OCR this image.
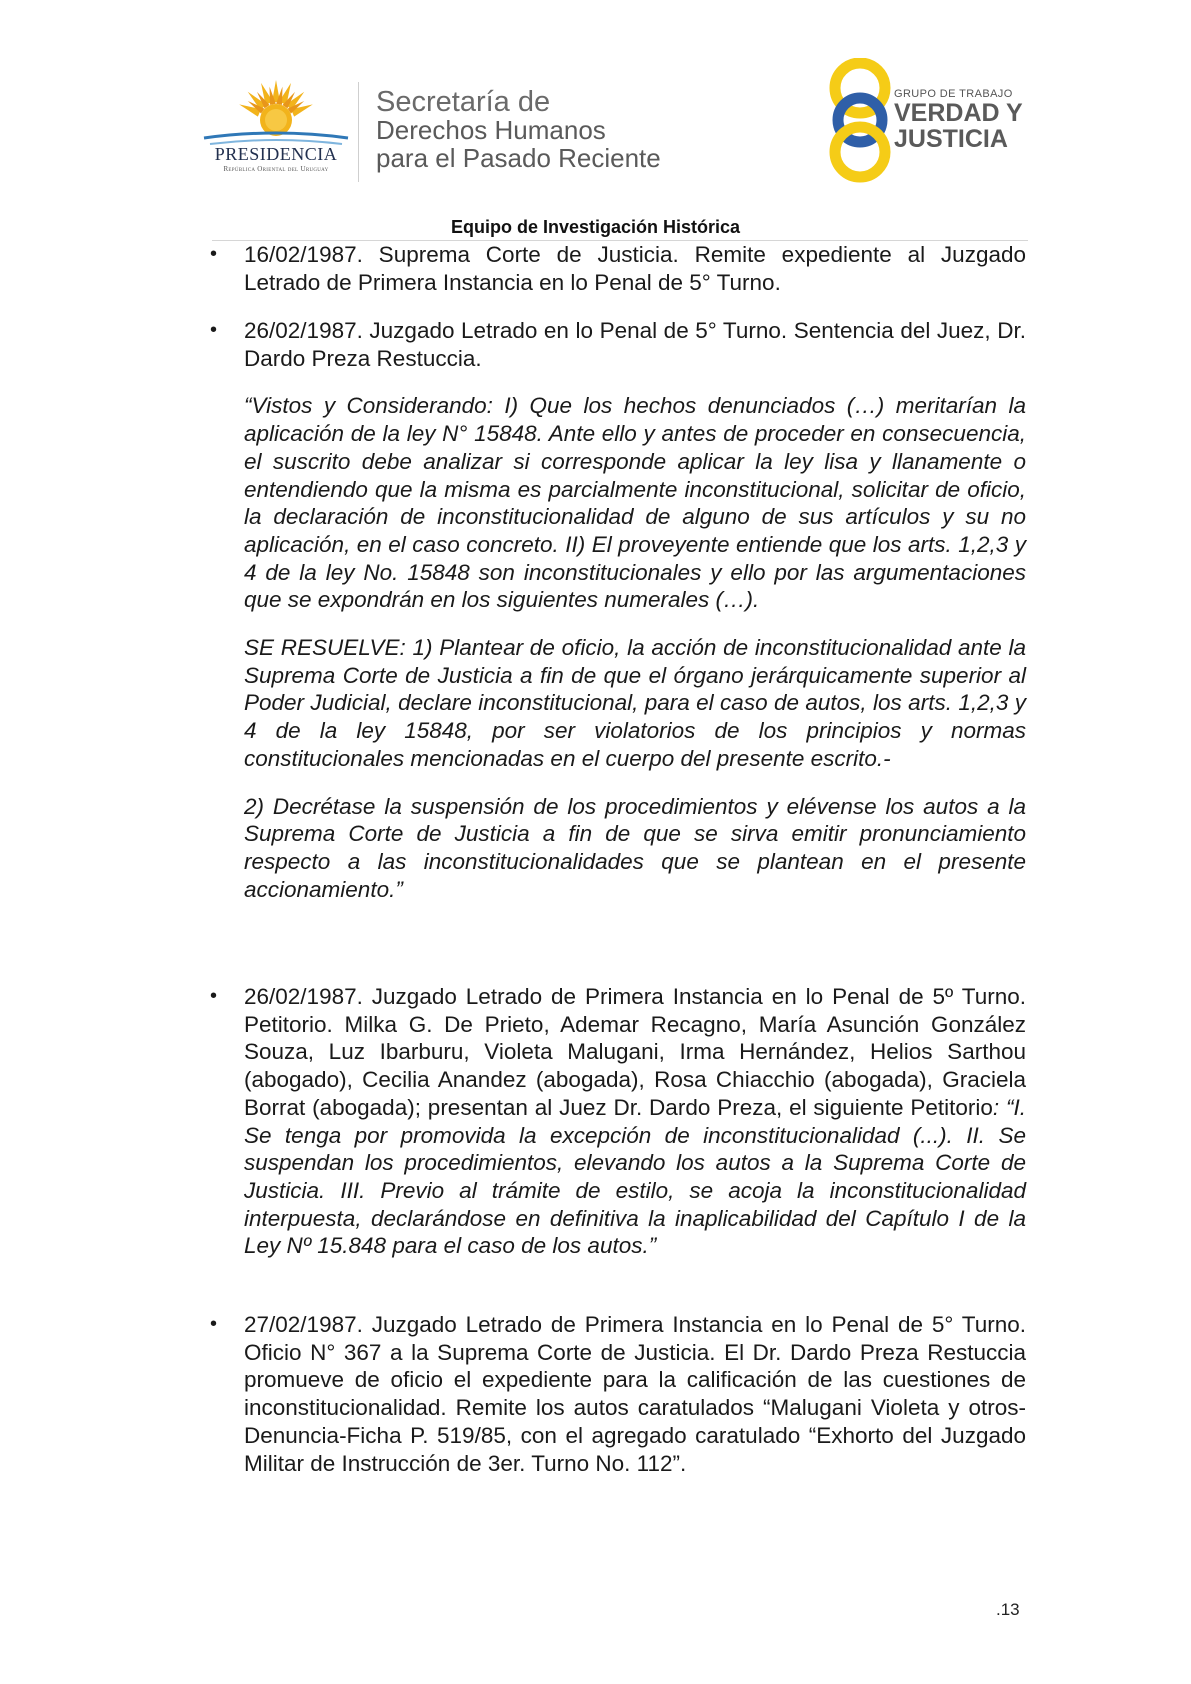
PRESIDENCIA
República Oriental del Uruguay
Secretaría de
Derechos Humanos
para el Pasado Reciente
GRUPO DE TRABAJO
VERDAD Y
JUSTICIA
Equipo de Investigación Histórica
• 16/02/1987. Suprema Corte de Justicia. Remite expediente al Juzgado Letrado de Primera Instancia en lo Penal de 5° Turno.

• 26/02/1987. Juzgado Letrado en lo Penal de 5° Turno. Sentencia del Juez, Dr. Dardo Preza Restuccia.

“Vistos y Considerando: I) Que los hechos denunciados (…) meritarían la aplicación de la ley N° 15848. Ante ello y antes de proceder en consecuencia, el suscrito debe analizar si corresponde aplicar la ley lisa y llanamente o entendiendo que la misma es parcialmente inconstitucional, solicitar de oficio, la declaración de inconstitucionalidad de alguno de sus artículos y su no aplicación, en el caso concreto. II) El proveyente entiende que los arts. 1,2,3 y 4 de la ley No. 15848 son inconstitucionales y ello por las argumentaciones que se expondrán en los siguientes numerales (…).

SE RESUELVE: 1) Plantear de oficio, la acción de inconstitucionalidad ante la Suprema Corte de Justicia a fin de que el órgano jerárquicamente superior al Poder Judicial, declare inconstitucional, para el caso de autos, los arts. 1,2,3 y 4 de la ley 15848, por ser violatorios de los principios y normas constitucionales mencionadas en el cuerpo del presente escrito.-

2) Decrétase la suspensión de los procedimientos y elévense los autos a la Suprema Corte de Justicia a fin de que se sirva emitir pronunciamiento respecto a las inconstitucionalidades que se plantean en el presente accionamiento.”

• 26/02/1987. Juzgado Letrado de Primera Instancia en lo Penal de 5º Turno. Petitorio. Milka G. De Prieto, Ademar Recagno, María Asunción González Souza, Luz Ibarburu, Violeta Malugani, Irma Hernández, Helios Sarthou (abogado), Cecilia Anandez (abogada), Rosa Chiacchio (abogada), Graciela Borrat (abogada); presentan al Juez Dr. Dardo Preza, el siguiente Petitorio: “I. Se tenga por promovida la excepción de inconstitucionalidad (...). II. Se suspendan los procedimientos, elevando los autos a la Suprema Corte de Justicia. III. Previo al trámite de estilo, se acoja la inconstitucionalidad interpuesta, declarándose en definitiva la inaplicabilidad del Capítulo I de la Ley Nº 15.848 para el caso de los autos.”

• 27/02/1987. Juzgado Letrado de Primera Instancia en lo Penal de 5° Turno. Oficio N° 367 a la Suprema Corte de Justicia. El Dr. Dardo Preza Restuccia promueve de oficio el expediente para la calificación de las cuestiones de inconstitucionalidad. Remite los autos caratulados “Malugani Violeta y otros-Denuncia-Ficha P. 519/85, con el agregado caratulado “Exhorto del Juzgado Militar de Instrucción de 3er. Turno No. 112”.

.13
